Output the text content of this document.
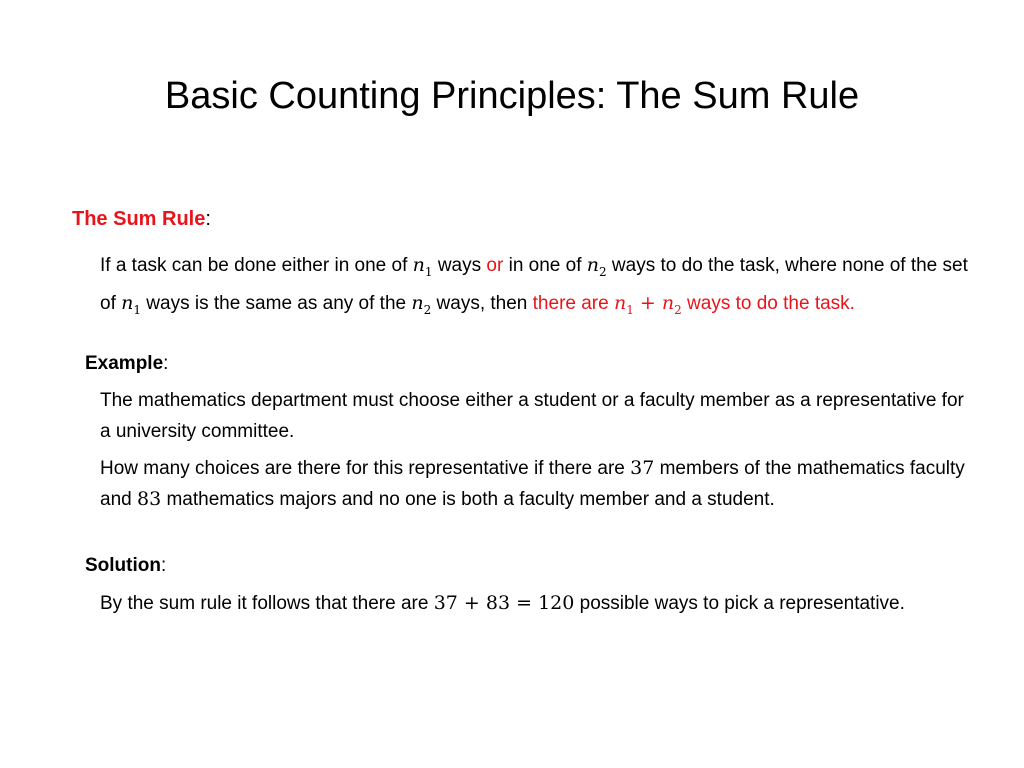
Basic Counting Principles: The Sum Rule
The Sum Rule:
If a task can be done either in one of $n_1$ ways or in one of $n_2$ ways to do the task, where none of the set of $n_1$ ways is the same as any of the $n_2$ ways, then there are $n_1 + n_2$ ways to do the task.
Example:
The mathematics department must choose either a student or a faculty member as a representative for a university committee.
How many choices are there for this representative if there are 37 members of the mathematics faculty and 83 mathematics majors and no one is both a faculty member and a student.
Solution:
By the sum rule it follows that there are 37 + 83 = 120 possible ways to pick a representative.
